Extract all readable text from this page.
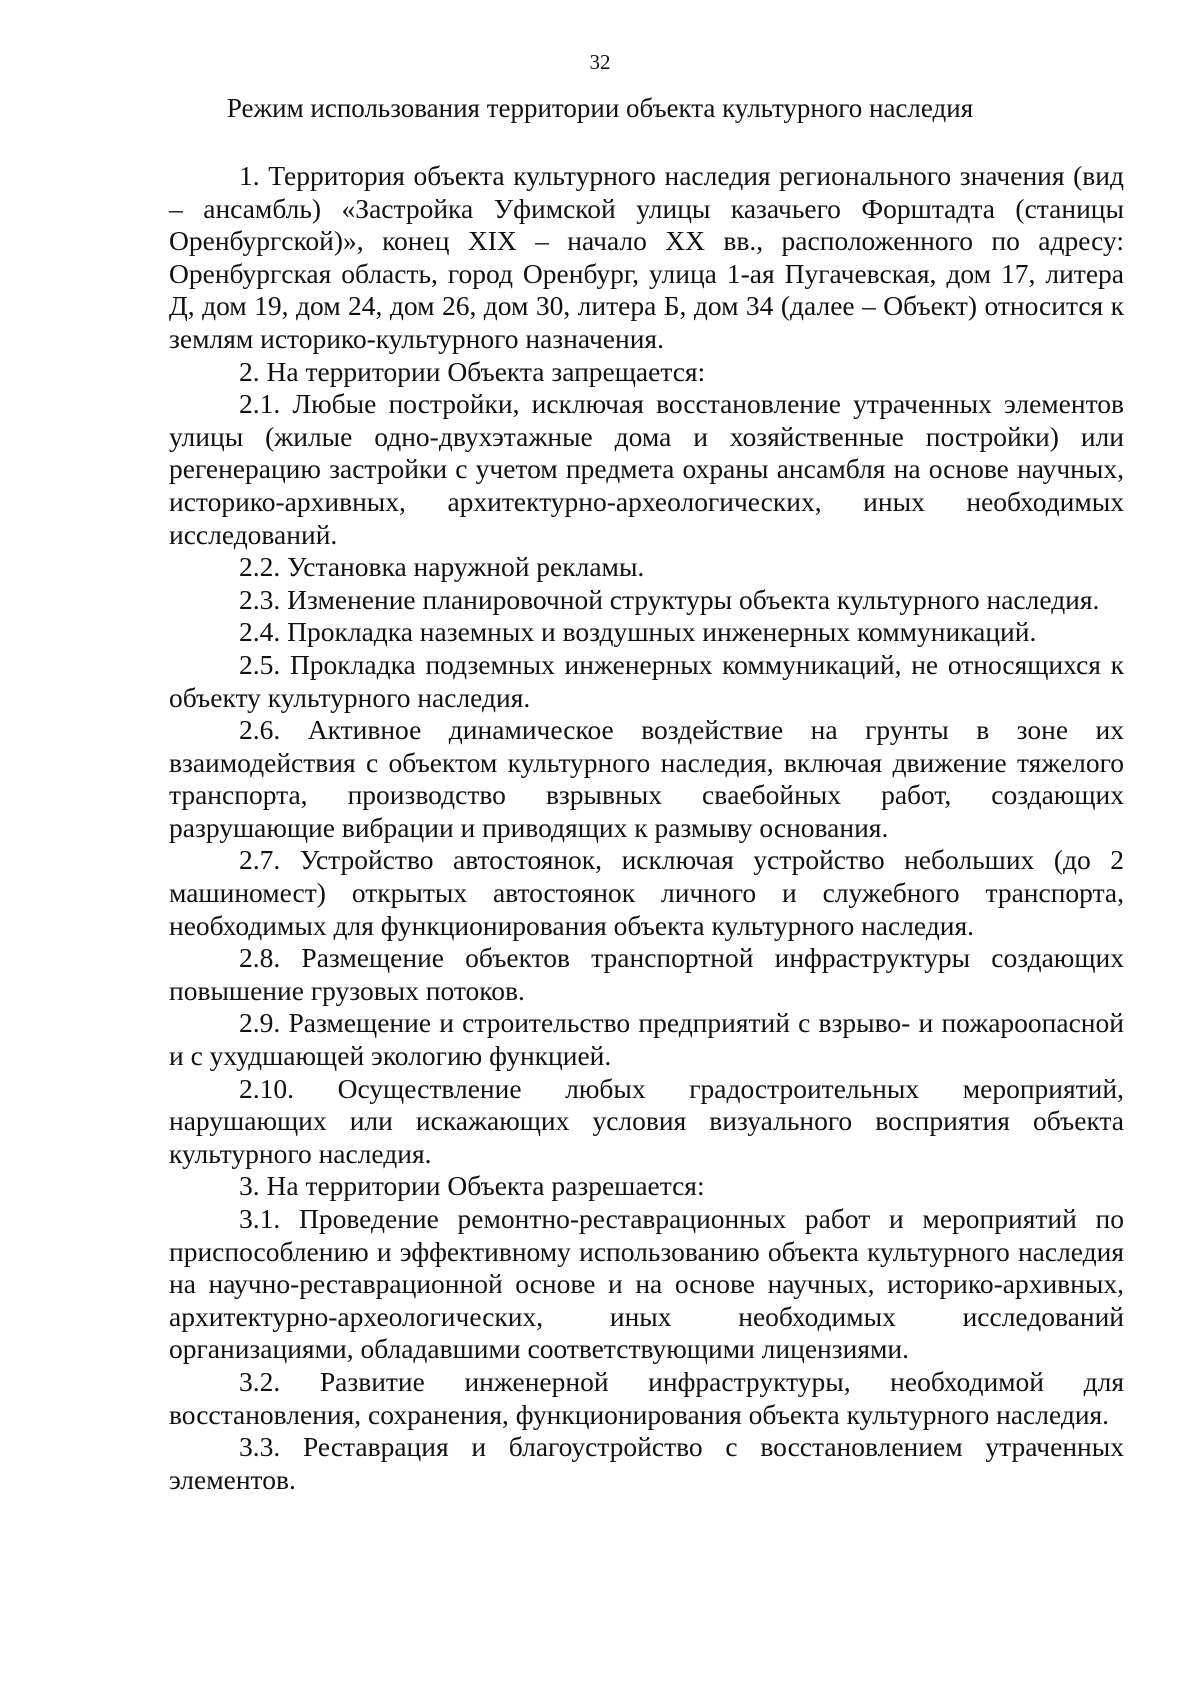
32
Режим использования территории объекта культурного наследия

1. Территория объекта культурного наследия регионального значения (вид – ансамбль) «Застройка Уфимской улицы казачьего Форштадта (станицы Оренбургской)», конец XIX – начало XX вв., расположенного по адресу: Оренбургская область, город Оренбург, улица 1-ая Пугачевская, дом 17, литера Д, дом 19, дом 24, дом 26, дом 30, литера Б, дом 34 (далее – Объект) относится к землям историко-культурного назначения.

2. На территории Объекта запрещается:

2.1. Любые постройки, исключая восстановление утраченных элементов улицы (жилые одно-двухэтажные дома и хозяйственные постройки) или регенерацию застройки с учетом предмета охраны ансамбля на основе научных, историко-архивных, архитектурно-археологических, иных необходимых исследований.

2.2. Установка наружной рекламы.

2.3. Изменение планировочной структуры объекта культурного наследия.

2.4. Прокладка наземных и воздушных инженерных коммуникаций.

2.5. Прокладка подземных инженерных коммуникаций, не относящихся к объекту культурного наследия.

2.6. Активное динамическое воздействие на грунты в зоне их взаимодействия с объектом культурного наследия, включая движение тяжелого транспорта, производство взрывных свaебойных работ, создающих разрушающие вибрации и приводящих к размыву основания.

2.7. Устройство автостоянок, исключая устройство небольших (до 2 машиномест) открытых автостоянок личного и служебного транспорта, необходимых для функционирования объекта культурного наследия.

2.8. Размещение объектов транспортной инфраструктуры создающих повышение грузовых потоков.

2.9. Размещение и строительство предприятий с взрыво- и пожароопасной и с ухудшающей экологию функцией.

2.10. Осуществление любых градостроительных мероприятий, нарушающих или искажающих условия визуального восприятия объекта культурного наследия.

3. На территории Объекта разрешается:

3.1. Проведение ремонтно-реставрационных работ и мероприятий по приспособлению и эффективному использованию объекта культурного наследия на научно-реставрационной основе и на основе научных, историко-архивных, архитектурно-археологических, иных необходимых исследований организациями, обладавшими соответствующими лицензиями.

3.2. Развитие инженерной инфраструктуры, необходимой для восстановления, сохранения, функционирования объекта культурного наследия.

3.3. Реставрация и благоустройство с восстановлением утраченных элементов.
